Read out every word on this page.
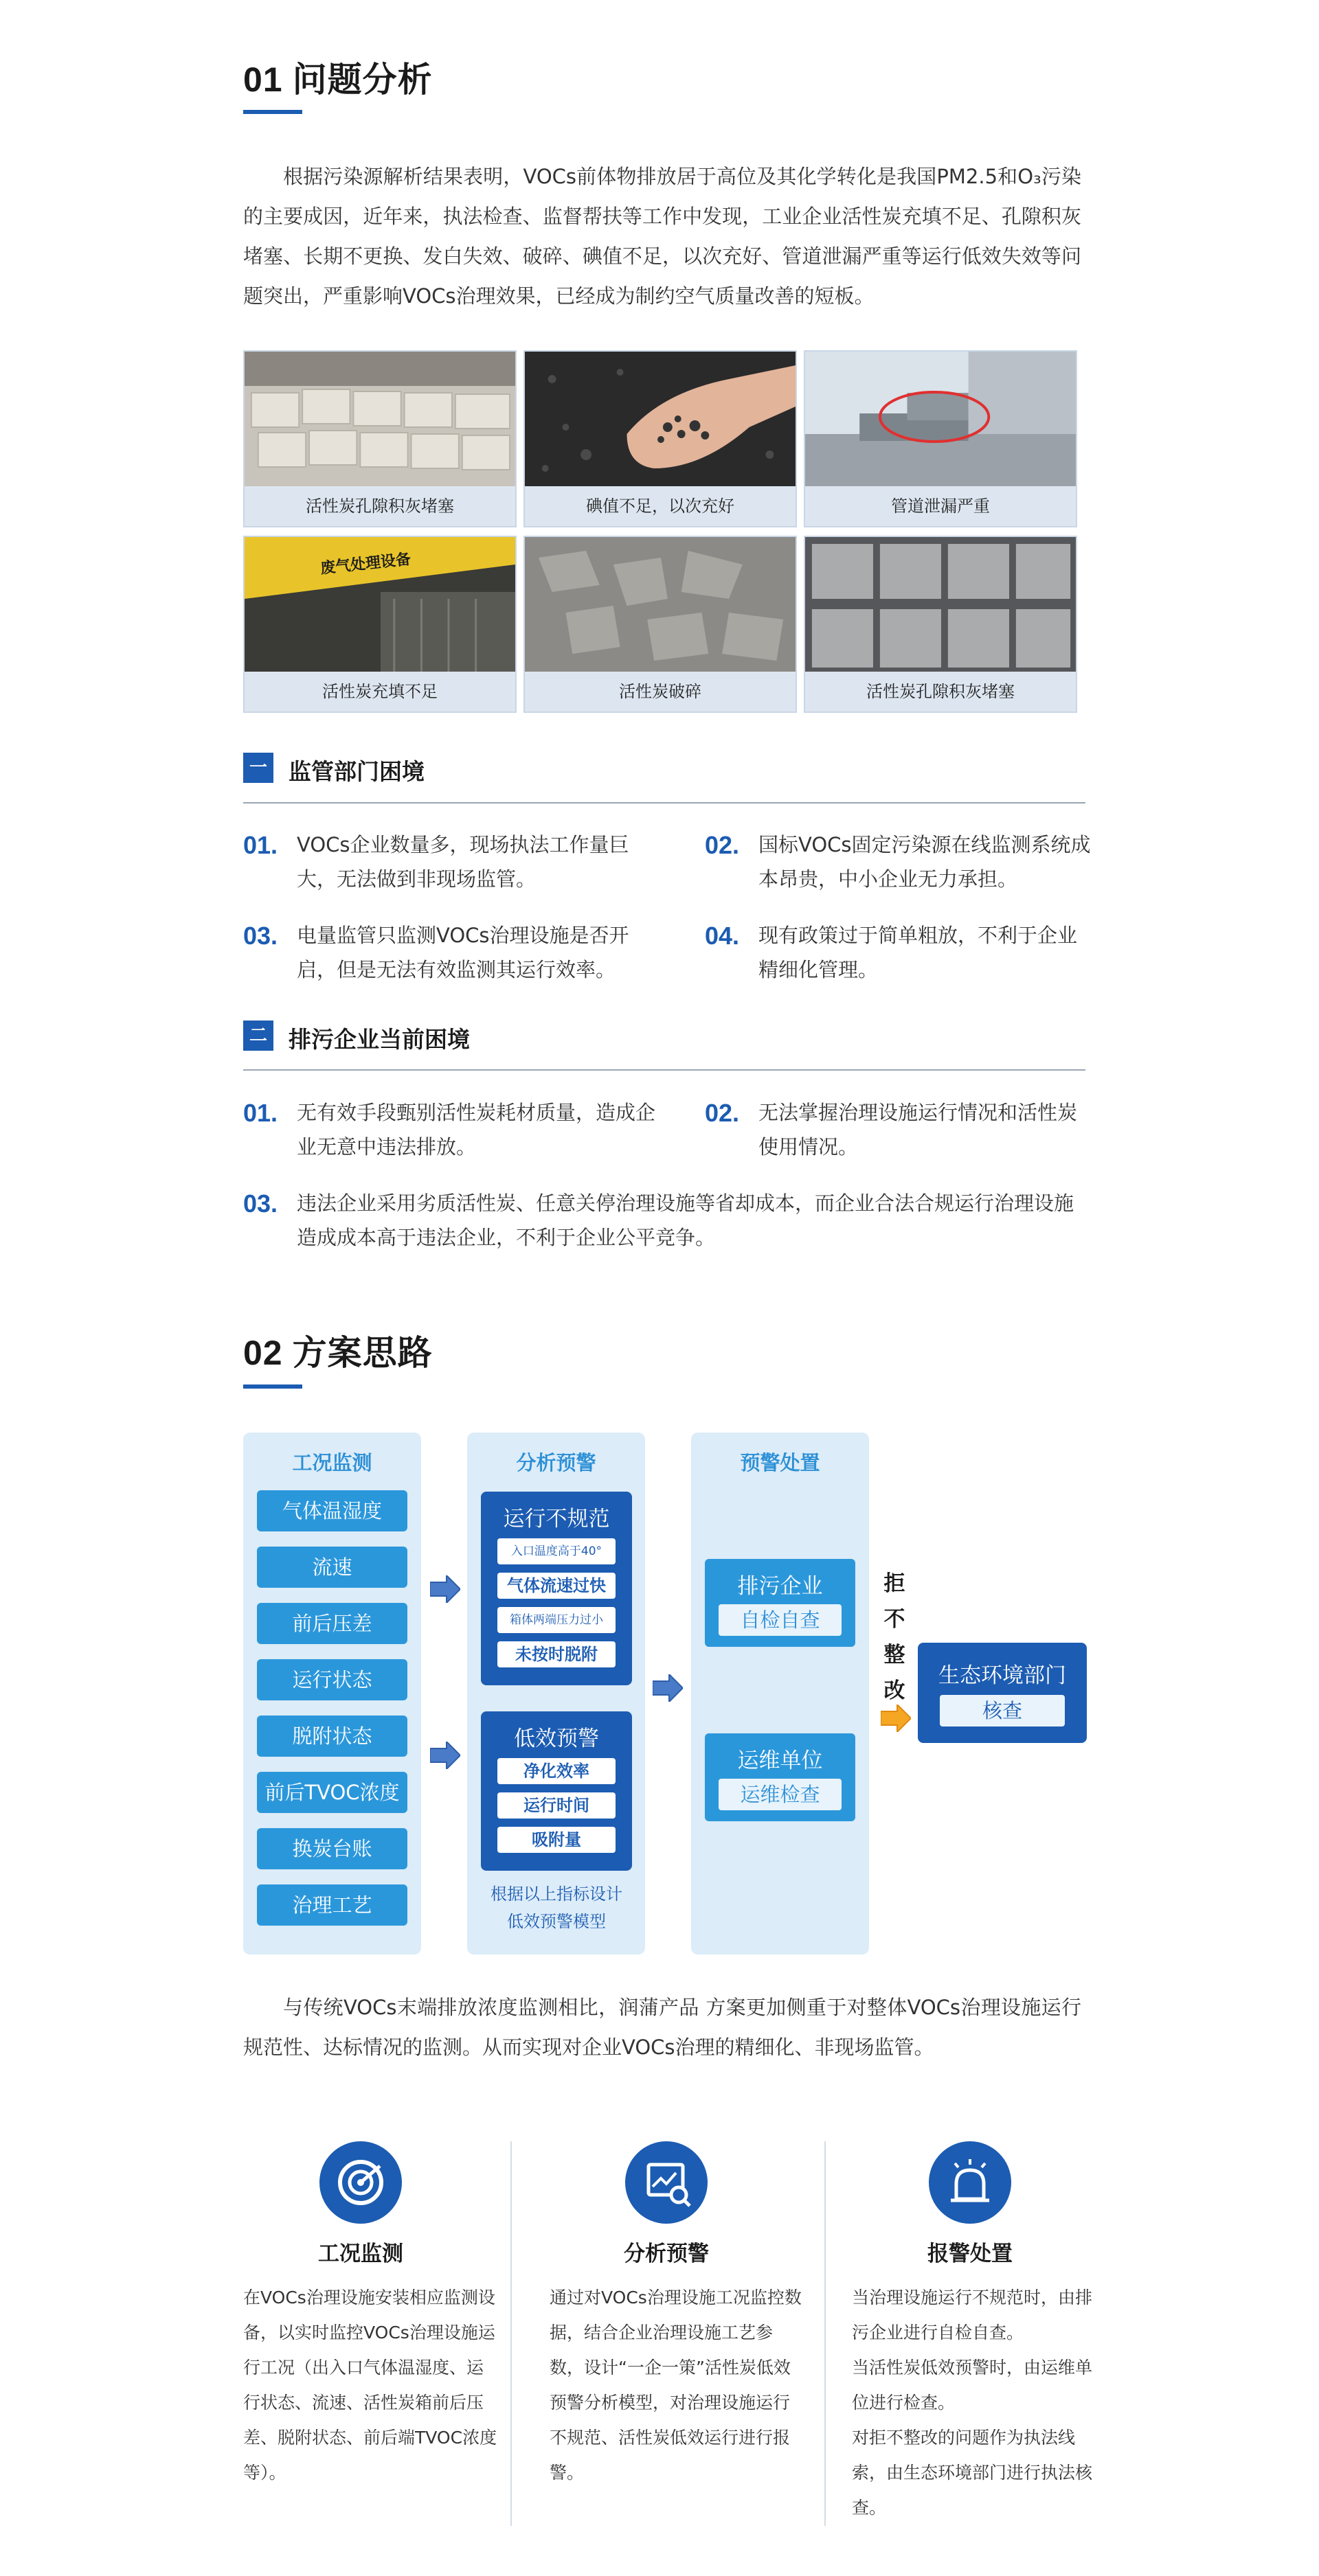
01 问题分析
根据污染源解析结果表明，VOCs前体物排放居于高位及其化学转化是我国PM2.5和O₃污染的主要成因，近年来，执法检查、监督帮扶等工作中发现，工业企业活性炭充填不足、孔隙积灰堵塞、长期不更换、发白失效、破碎、碘值不足，以次充好、管道泄漏严重等运行低效失效等问题突出，严重影响VOCs治理效果，已经成为制约空气质量改善的短板。
活性炭孔隙积灰堵塞	碘值不足，以次充好	管道泄漏严重
废气处理设备
活性炭充填不足	活性炭破碎	活性炭孔隙积灰堵塞
一 监管部门困境
01. VOCs企业数量多，现场执法工作量巨大，无法做到非现场监管。
02. 国标VOCs固定污染源在线监测系统成本昂贵，中小企业无力承担。
03. 电量监管只监测VOCs治理设施是否开启，但是无法有效监测其运行效率。
04. 现有政策过于简单粗放，不利于企业精细化管理。
二 排污企业当前困境
01. 无有效手段甄别活性炭耗材质量，造成企业无意中违法排放。
02. 无法掌握治理设施运行情况和活性炭使用情况。
03. 违法企业采用劣质活性炭、任意关停治理设施等省却成本，而企业合法合规运行治理设施造成成本高于违法企业，不利于企业公平竞争。
02 方案思路
工况监测
气体温湿度
流速
前后压差
运行状态
脱附状态
前后TVOC浓度
换炭台账
治理工艺
分析预警
运行不规范
入口温度高于40°
气体流速过快
箱体两端压力过小
未按时脱附
低效预警
净化效率
运行时间
吸附量
根据以上指标设计低效预警模型
预警处置
排污企业
自检自查
运维单位
运维检查
拒
不
整
改
生态环境部门
核查
与传统VOCs末端排放浓度监测相比，润蒲产品 方案更加侧重于对整体VOCs治理设施运行规范性、达标情况的监测。从而实现对企业VOCs治理的精细化、非现场监管。
工况监测
在VOCs治理设施安装相应监测设备，以实时监控VOCs治理设施运行工况（出入口气体温湿度、运行状态、流速、活性炭箱前后压差、脱附状态、前后端TVOC浓度等）。
分析预警
通过对VOCs治理设施工况监控数据，结合企业治理设施工艺参数，设计“一企一策”活性炭低效预警分析模型，对治理设施运行不规范、活性炭低效运行进行报警。
报警处置
当治理设施运行不规范时，由排污企业进行自检自查。
当活性炭低效预警时，由运维单位进行检查。
对拒不整改的问题作为执法线索，由生态环境部门进行执法核查。
